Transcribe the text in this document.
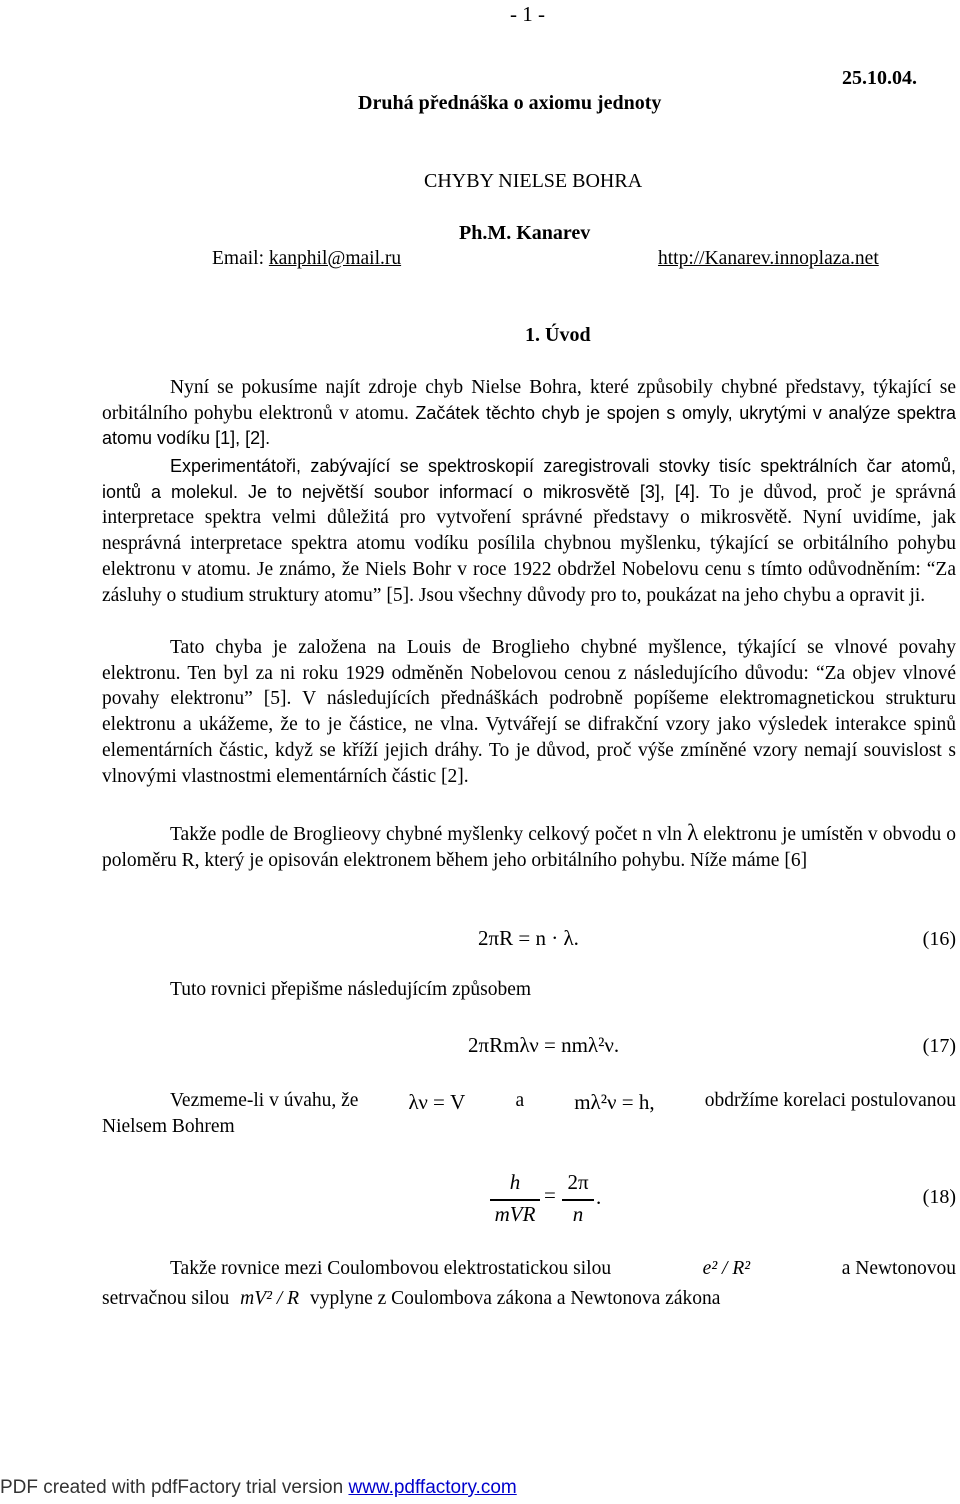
- 1 -
25.10.04.
Druhá přednáška o axiomu jednoty
CHYBY NIELSE BOHRA
Ph.M. Kanarev
Email: kanphil@mail.ru	http://Kanarev.innoplaza.net
1. Úvod

Nyní se pokusíme najít zdroje chyb Nielse Bohra, které způsobily chybné představy, týkající se orbitálního pohybu elektronů v atomu. Začátek těchto chyb je spojen s omyly, ukrytými v analýze spektra atomu vodíku [1], [2].

Experimentátoři, zabývající se spektroskopií zaregistrovali stovky tisíc spektrálních čar atomů, iontů a molekul. Je to největší soubor informací o mikrosvětě [3], [4]. To je důvod, proč je správná interpretace spektra velmi důležitá pro vytvoření správné představy o mikrosvětě. Nyní uvidíme, jak nesprávná interpretace spektra atomu vodíku posílila chybnou myšlenku, týkající se orbitálního pohybu elektronu v atomu. Je známo, že Niels Bohr v roce 1922 obdržel Nobelovu cenu s tímto odůvodněním: “Za zásluhy o studium struktury atomu” [5]. Jsou všechny důvody pro to, poukázat na jeho chybu a opravit ji.

Tato chyba je založena na Louis de Broglieho chybné myšlence, týkající se vlnové povahy elektronu. Ten byl za ni roku 1929 odměněn Nobelovou cenou z následujícího důvodu: “Za objev vlnové povahy elektronu” [5]. V následujících přednáškách podrobně popíšeme elektromagnetickou strukturu elektronu a ukážeme, že to je částice, ne vlna. Vytvářejí se difrakční vzory jako výsledek interakce spinů elementárních částic, když se kříží jejich dráhy. To je důvod, proč výše zmíněné vzory nemají souvislost s vlnovými vlastnostmi elementárních částic [2].

Takže podle de Broglieovy chybné myšlenky celkový počet n vln λ elektronu je umístěn v obvodu o poloměru R, který je opisován elektronem během jeho orbitálního pohybu. Níže máme [6]

2πR = n · λ.	(16)
Tuto rovnici přepišme následujícím způsobem
2πRmλν = nmλ²ν.	(17)
Vezmeme-li v úvahu, že λν = V	a mλ²ν = h,	obdržíme korelaci postulovanou
Nielsem Bohrem
h
mVR
=
2π
n
.	(18)
Takže rovnice mezi Coulombovou elektrostatickou silou	e² / R²	a Newtonovou
setrvačnou silou mV² / R vyplyne z Coulombova zákona a Newtonova zákona
PDF created with pdfFactory trial version www.pdffactory.com
